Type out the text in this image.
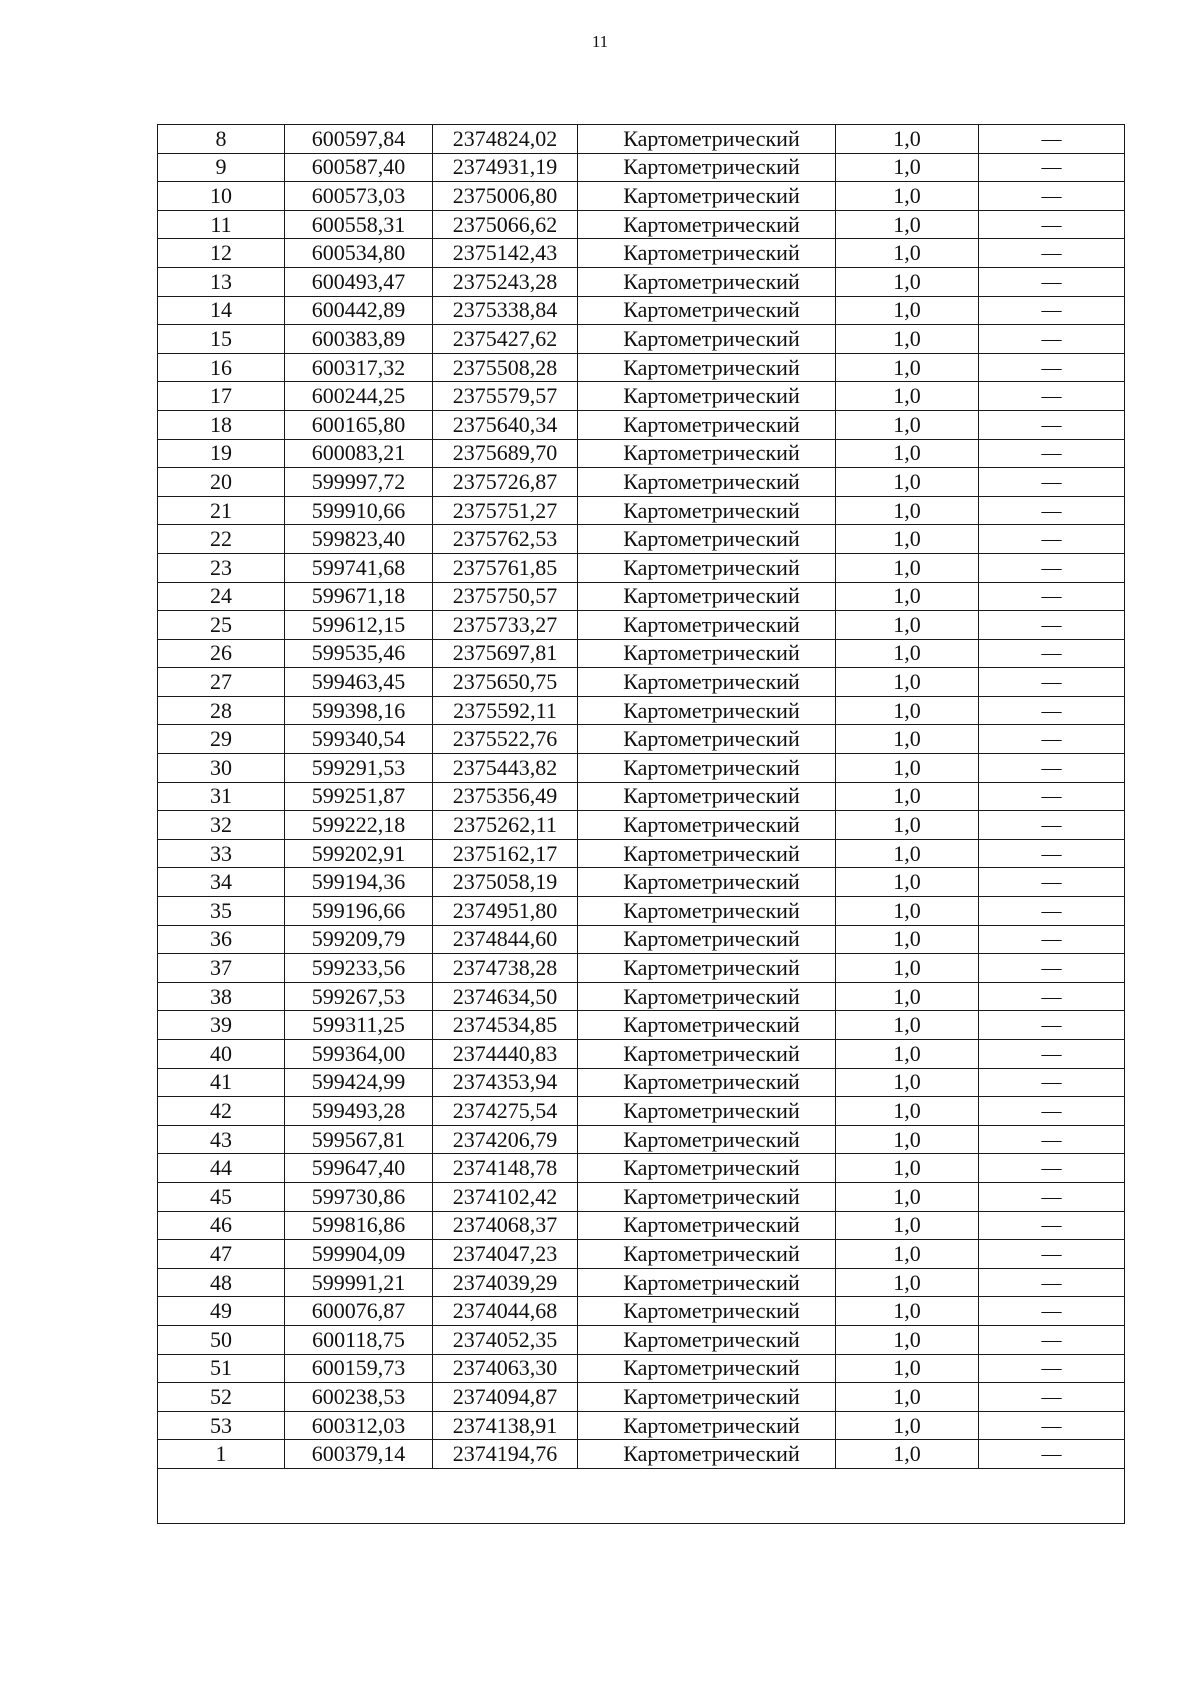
11
8	600597,84	2374824,02	Картометрический	1,0	—
9	600587,40	2374931,19	Картометрический	1,0	—
10	600573,03	2375006,80	Картометрический	1,0	—
11	600558,31	2375066,62	Картометрический	1,0	—
12	600534,80	2375142,43	Картометрический	1,0	—
13	600493,47	2375243,28	Картометрический	1,0	—
14	600442,89	2375338,84	Картометрический	1,0	—
15	600383,89	2375427,62	Картометрический	1,0	—
16	600317,32	2375508,28	Картометрический	1,0	—
17	600244,25	2375579,57	Картометрический	1,0	—
18	600165,80	2375640,34	Картометрический	1,0	—
19	600083,21	2375689,70	Картометрический	1,0	—
20	599997,72	2375726,87	Картометрический	1,0	—
21	599910,66	2375751,27	Картометрический	1,0	—
22	599823,40	2375762,53	Картометрический	1,0	—
23	599741,68	2375761,85	Картометрический	1,0	—
24	599671,18	2375750,57	Картометрический	1,0	—
25	599612,15	2375733,27	Картометрический	1,0	—
26	599535,46	2375697,81	Картометрический	1,0	—
27	599463,45	2375650,75	Картометрический	1,0	—
28	599398,16	2375592,11	Картометрический	1,0	—
29	599340,54	2375522,76	Картометрический	1,0	—
30	599291,53	2375443,82	Картометрический	1,0	—
31	599251,87	2375356,49	Картометрический	1,0	—
32	599222,18	2375262,11	Картометрический	1,0	—
33	599202,91	2375162,17	Картометрический	1,0	—
34	599194,36	2375058,19	Картометрический	1,0	—
35	599196,66	2374951,80	Картометрический	1,0	—
36	599209,79	2374844,60	Картометрический	1,0	—
37	599233,56	2374738,28	Картометрический	1,0	—
38	599267,53	2374634,50	Картометрический	1,0	—
39	599311,25	2374534,85	Картометрический	1,0	—
40	599364,00	2374440,83	Картометрический	1,0	—
41	599424,99	2374353,94	Картометрический	1,0	—
42	599493,28	2374275,54	Картометрический	1,0	—
43	599567,81	2374206,79	Картометрический	1,0	—
44	599647,40	2374148,78	Картометрический	1,0	—
45	599730,86	2374102,42	Картометрический	1,0	—
46	599816,86	2374068,37	Картометрический	1,0	—
47	599904,09	2374047,23	Картометрический	1,0	—
48	599991,21	2374039,29	Картометрический	1,0	—
49	600076,87	2374044,68	Картометрический	1,0	—
50	600118,75	2374052,35	Картометрический	1,0	—
51	600159,73	2374063,30	Картометрический	1,0	—
52	600238,53	2374094,87	Картометрический	1,0	—
53	600312,03	2374138,91	Картометрический	1,0	—
1	600379,14	2374194,76	Картометрический	1,0	—
